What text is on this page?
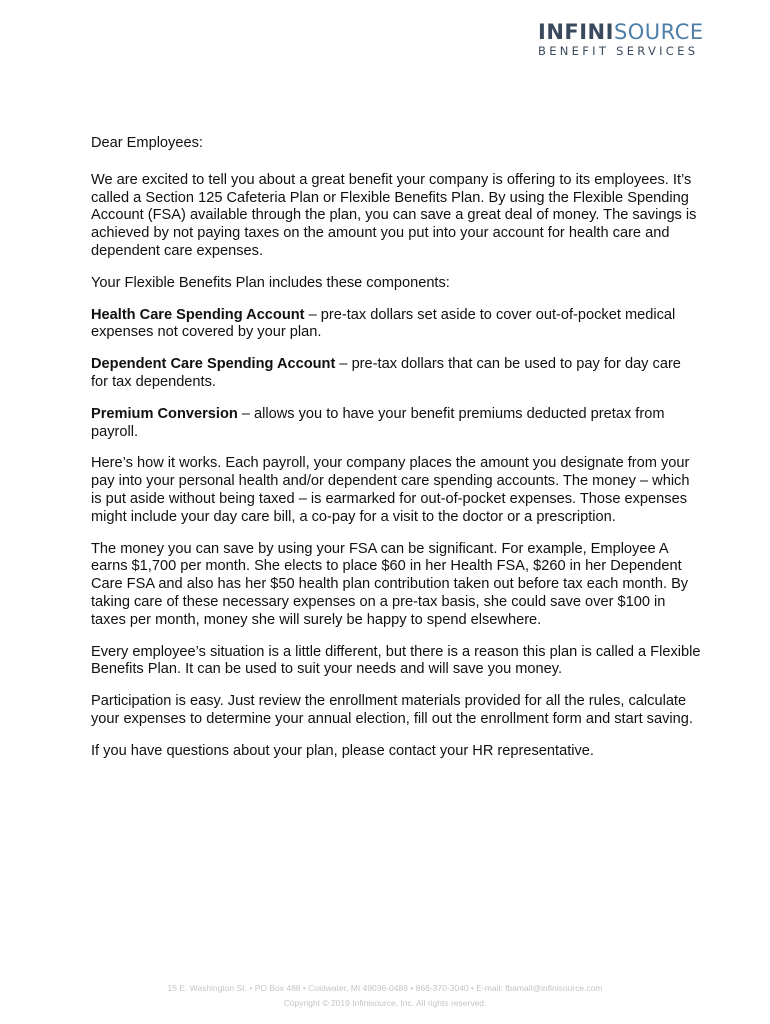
INFINISOURCE
BENEFIT SERVICES

Dear Employees:

We are excited to tell you about a great benefit your company is offering to its employees. It’s called a Section 125 Cafeteria Plan or Flexible Benefits Plan. By using the Flexible Spending Account (FSA) available through the plan, you can save a great deal of money. The savings is achieved by not paying taxes on the amount you put into your account for health care and dependent care expenses.

Your Flexible Benefits Plan includes these components:

Health Care Spending Account – pre-tax dollars set aside to cover out-of-pocket medical expenses not covered by your plan.

Dependent Care Spending Account – pre-tax dollars that can be used to pay for day care for tax dependents.

Premium Conversion – allows you to have your benefit premiums deducted pretax from payroll.

Here’s how it works. Each payroll, your company places the amount you designate from your pay into your personal health and/or dependent care spending accounts. The money – which is put aside without being taxed – is earmarked for out-of-pocket expenses. Those expenses might include your day care bill, a co-pay for a visit to the doctor or a prescription.

The money you can save by using your FSA can be significant. For example, Employee A earns $1,700 per month. She elects to place $60 in her Health FSA, $260 in her Dependent Care FSA and also has her $50 health plan contribution taken out before tax each month. By taking care of these necessary expenses on a pre-tax basis, she could save over $100 in taxes per month, money she will surely be happy to spend elsewhere.

Every employee’s situation is a little different, but there is a reason this plan is called a Flexible Benefits Plan. It can be used to suit your needs and will save you money.

Participation is easy. Just review the enrollment materials provided for all the rules, calculate your expenses to determine your annual election, fill out the enrollment form and start saving.

If you have questions about your plan, please contact your HR representative.

15 E. Washington St. • PO Box 488 • Coldwater, MI 49036-0488 • 866-370-3040 • E-mail: fbamail@infinisource.com
Copyright © 2019 Infinisource, Inc. All rights reserved.
